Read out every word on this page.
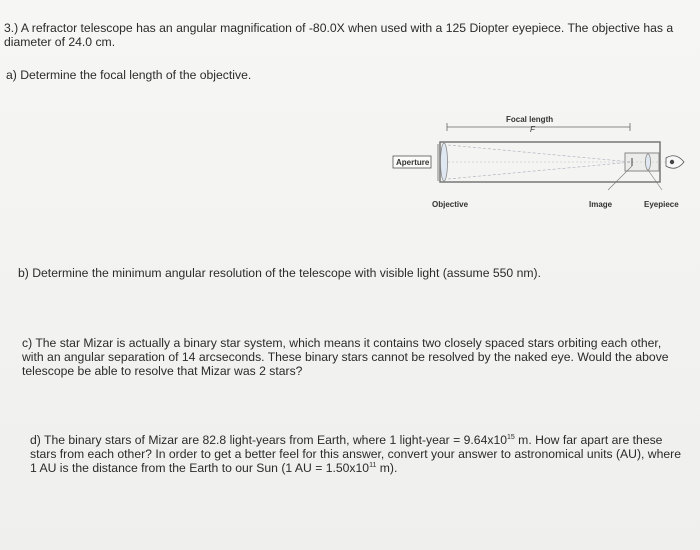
3.) A refractor telescope has an angular magnification of -80.0X when used with a 125 Diopter eyepiece. The objective has a diameter of 24.0 cm.
a) Determine the focal length of the objective.
Focal length
F
Aperture
Objective	Image	Eyepiece
b) Determine the minimum angular resolution of the telescope with visible light (assume 550 nm).
c) The star Mizar is actually a binary star system, which means it contains two closely spaced stars orbiting each other, with an angular separation of 14 arcseconds. These binary stars cannot be resolved by the naked eye. Would the above telescope be able to resolve that Mizar was 2 stars?
d) The binary stars of Mizar are 82.8 light-years from Earth, where 1 light-year = $9.64x10^{15}$ m. How far apart are these stars from each other? In order to get a better feel for this answer, convert your answer to astronomical units (AU), where 1 AU is the distance from the Earth to our Sun (1 AU = $1.50x10^{11}$ m).
